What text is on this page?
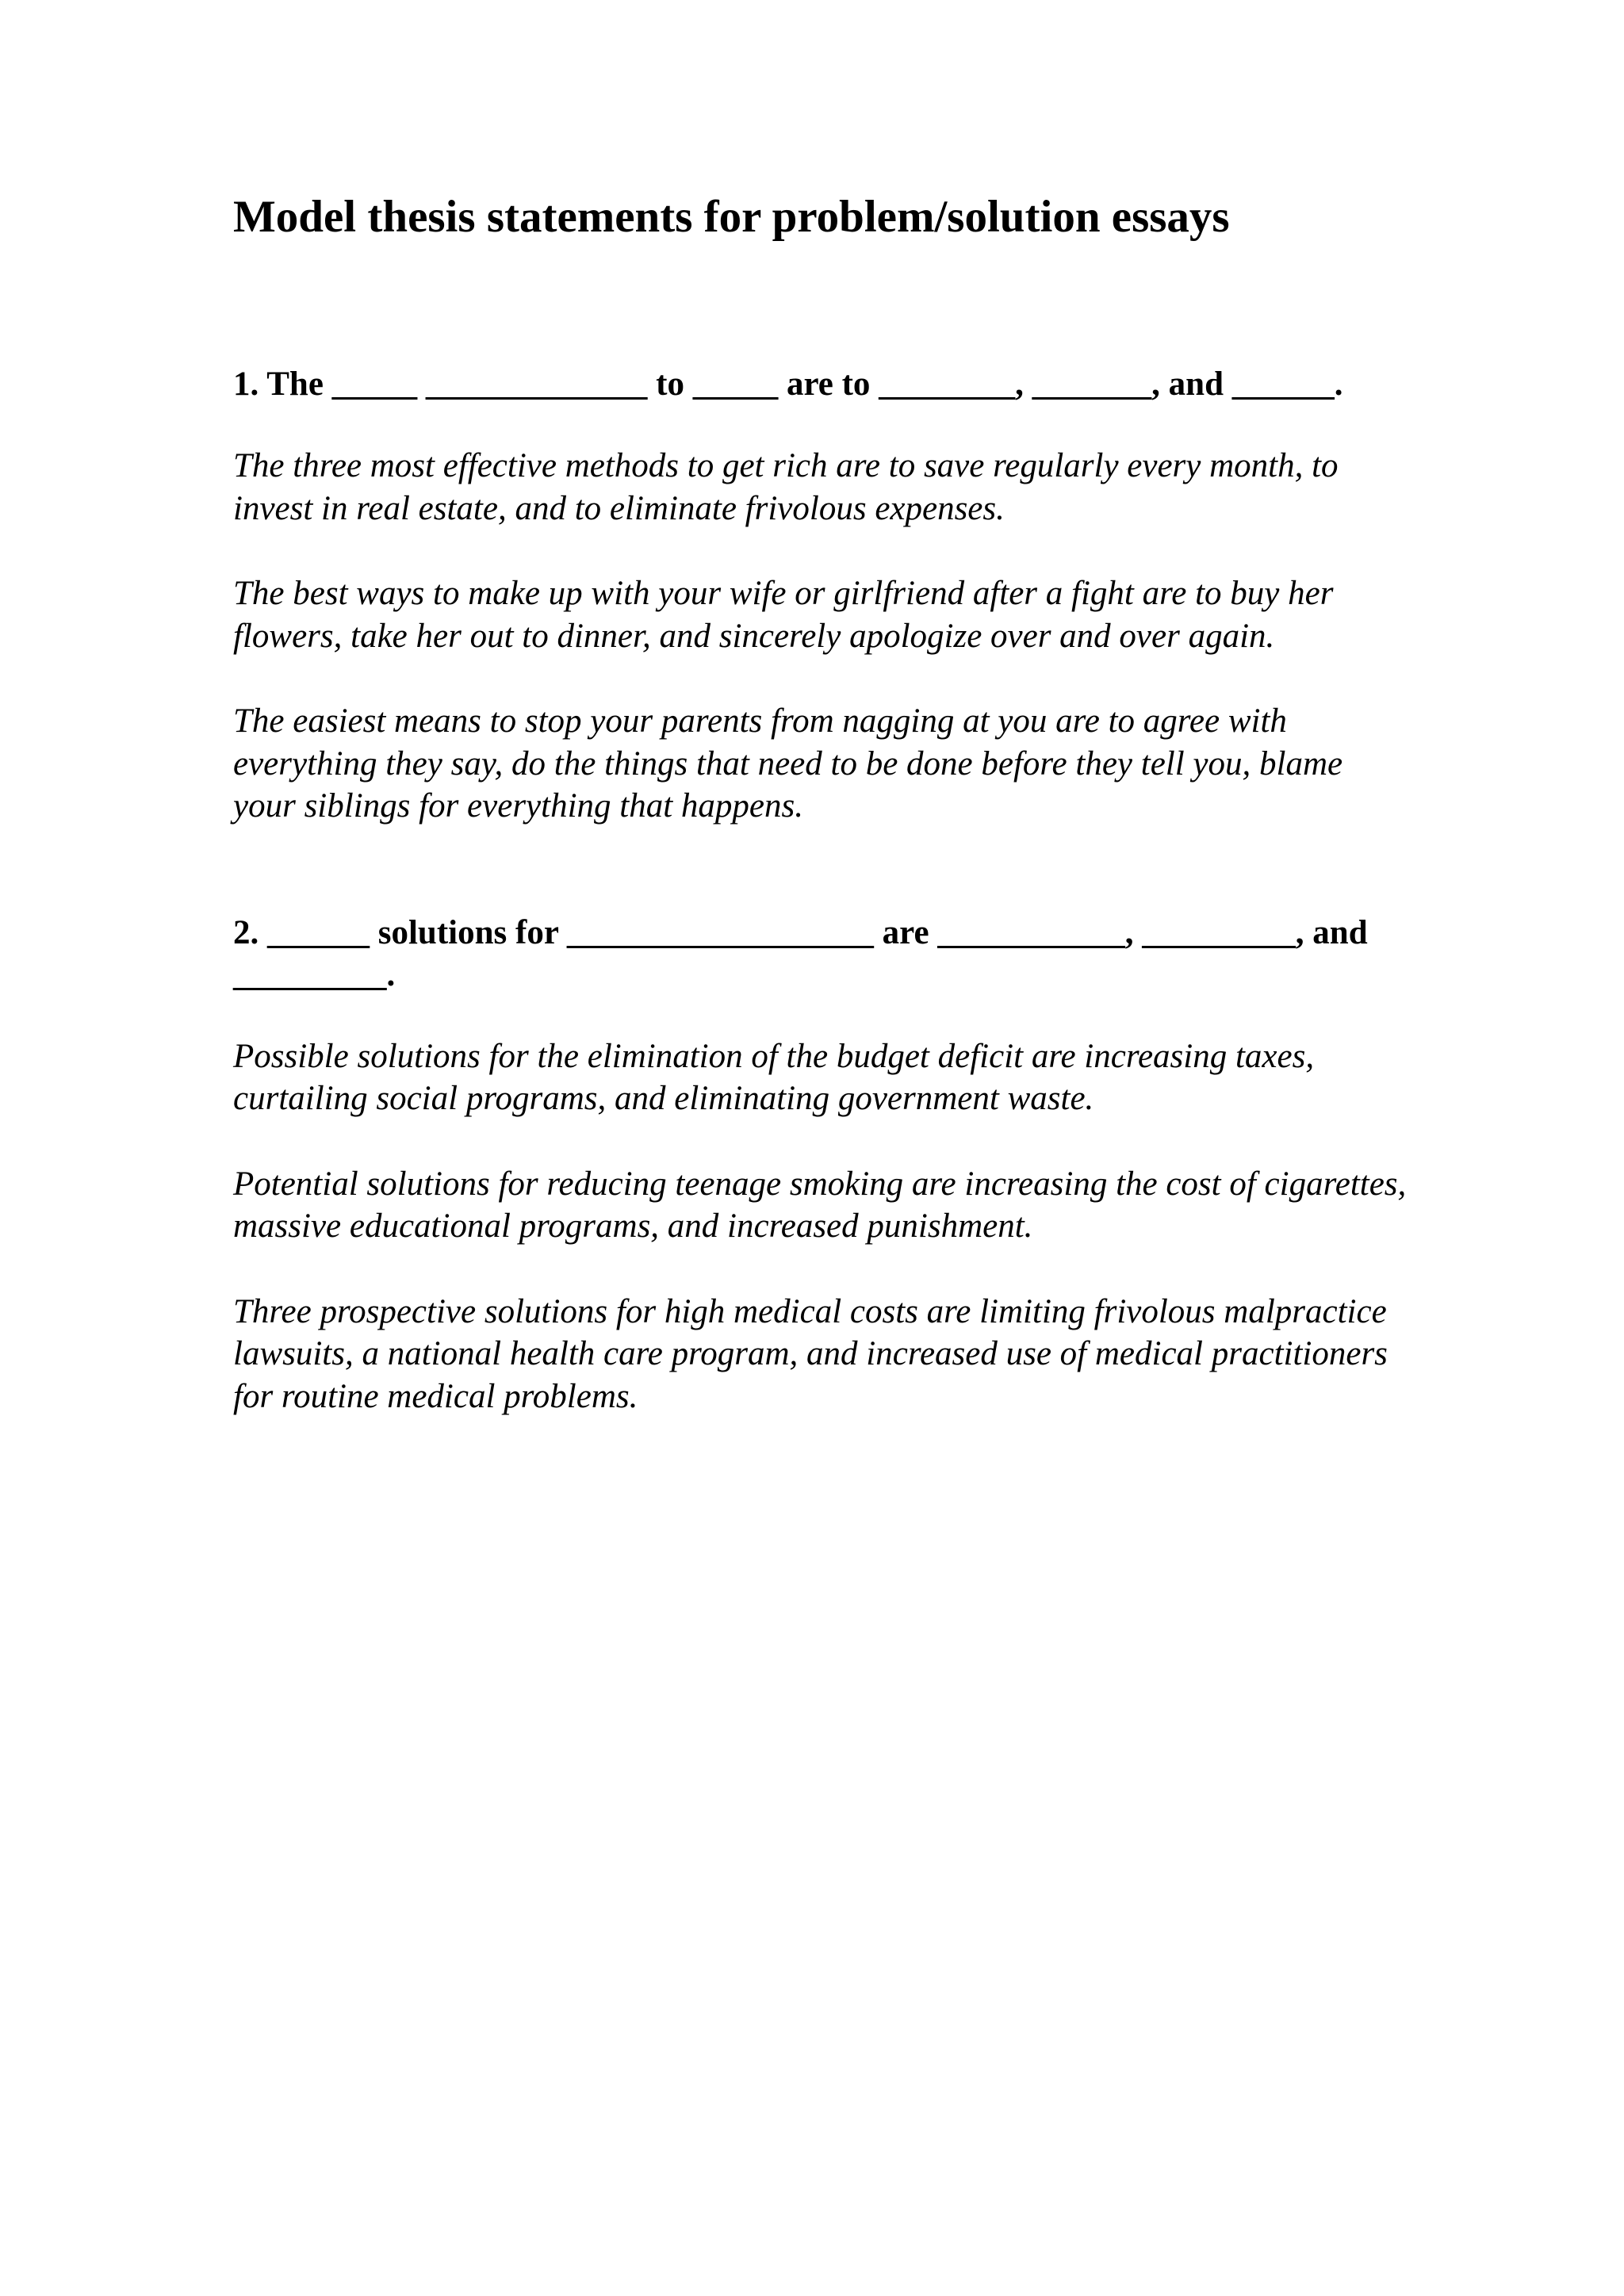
Model thesis statements for problem/solution essays

1. The _____ _____________ to _____ are to ________, _______, and ______.

The three most effective methods to get rich are to save regularly every month, to invest in real estate, and to eliminate frivolous expenses.

The best ways to make up with your wife or girlfriend after a fight are to buy her flowers, take her out to dinner, and sincerely apologize over and over again.

The easiest means to stop your parents from nagging at you are to agree with everything they say, do the things that need to be done before they tell you, blame your siblings for everything that happens.

2. ______ solutions for __________________ are ___________, _________, and _________.

Possible solutions for the elimination of the budget deficit are increasing taxes, curtailing social programs, and eliminating government waste.

Potential solutions for reducing teenage smoking are increasing the cost of cigarettes, massive educational programs, and increased punishment.

Three prospective solutions for high medical costs are limiting frivolous malpractice lawsuits, a national health care program, and increased use of medical practitioners for routine medical problems.
